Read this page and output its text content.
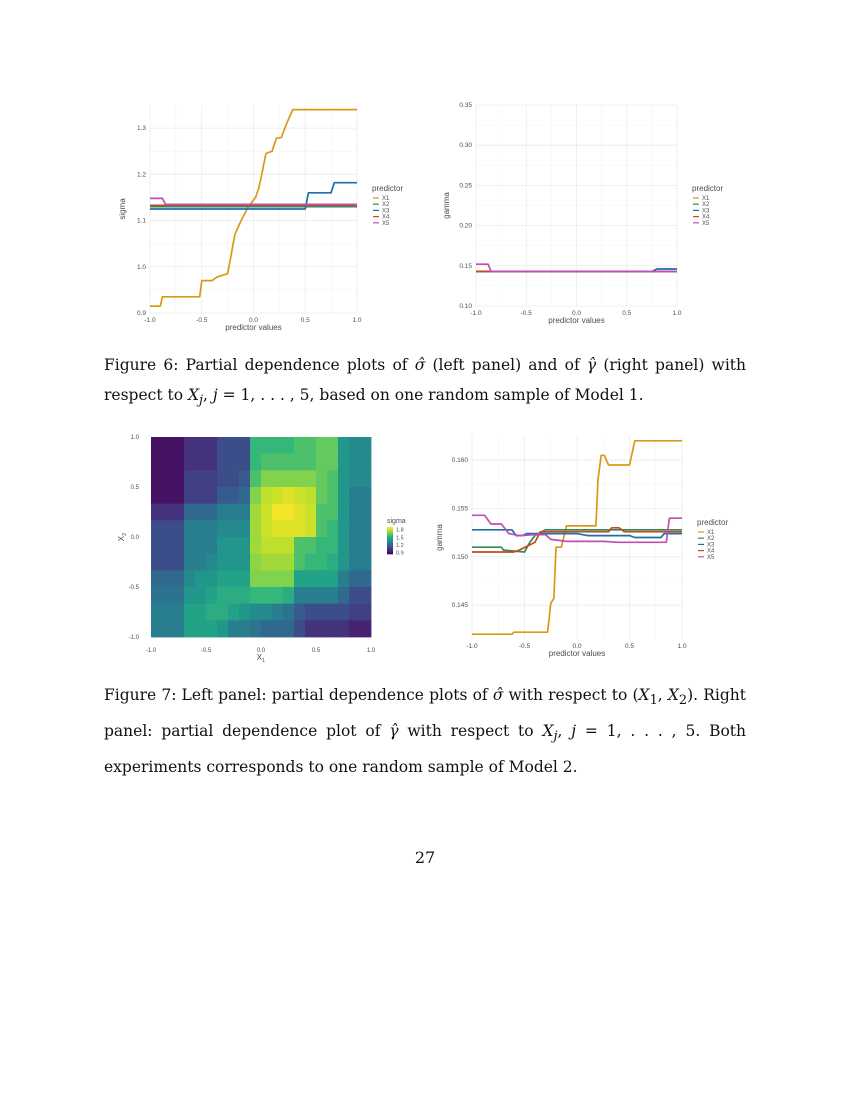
-1.0	-0.5	0.0	0.5	1.0
0.9
1.0
1.1
1.2
1.3
predictor values
sigma
predictor
X1
X2
X3
X4
X5
-1.0	-0.5	0.0	0.5	1.0
0.10
0.15
0.20
0.25
0.30
0.35
predictor values
gamma
predictor
X1
X2
X3
X4
X5
Figure 6: Partial dependence plots of σ̂ (left panel) and of γ̂ (right panel) with respect to $X_j$, j = 1, . . . , 5, based on one random sample of Model 1.
-1.0	-0.5	0.0	0.5	1.0
-1.0
-0.5
0.0
0.5
1.0
$X_1$
$X_2$
sigma
1.8
1.5
1.2
0.9
-1.0	-0.5	0.0	0.5	1.0
0.145
0.150
0.155
0.160
predictor values
gamma
predictor
X1
X2
X3
X4
X5
Figure 7: Left panel: partial dependence plots of σ̂ with respect to ($X_1$, $X_2$). Right panel: partial dependence plot of γ̂ with respect to $X_j$, j = 1, . . . , 5. Both experiments corresponds to one random sample of Model 2.
27
